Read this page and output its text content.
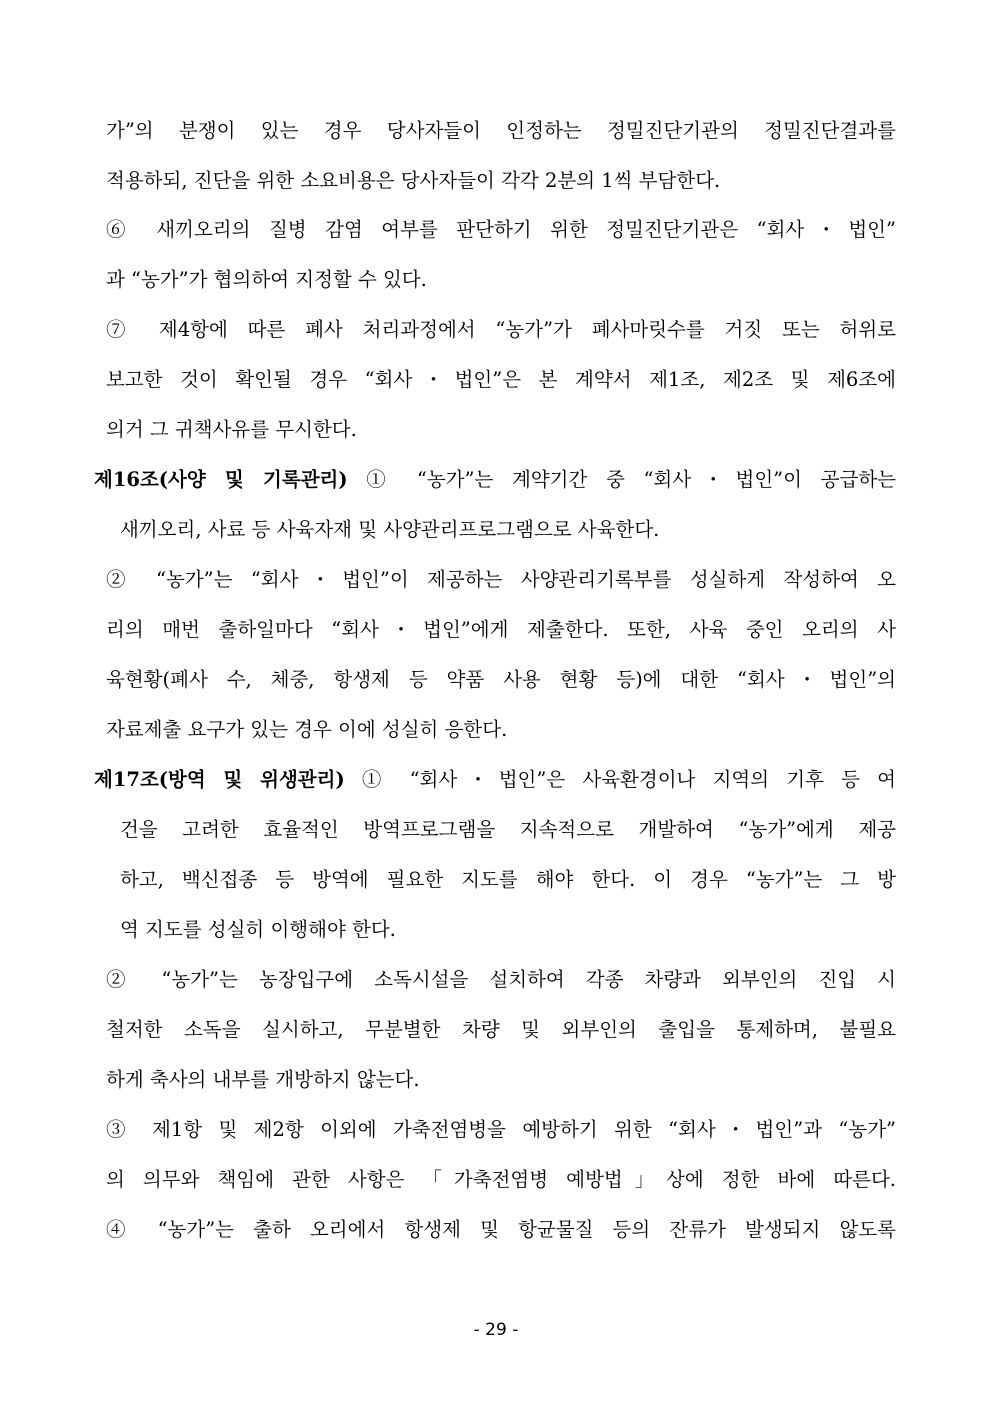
가”의 분쟁이 있는 경우 당사자들이 인정하는 정밀진단기관의 정밀진단결과를
적용하되, 진단을 위한 소요비용은 당사자들이 각각 2분의 1씩 부담한다.
⑥ 새끼오리의 질병 감염 여부를 판단하기 위한 정밀진단기관은 “회사・법인”
과 “농가”가 협의하여 지정할 수 있다.
⑦ 제4항에 따른 폐사 처리과정에서 “농가”가 폐사마릿수를 거짓 또는 허위로
보고한 것이 확인될 경우 “회사・법인”은 본 계약서 제1조, 제2조 및 제6조에
의거 그 귀책사유를 무시한다.
제16조(사양 및 기록관리) ① “농가”는 계약기간 중 “회사・법인”이 공급하는
새끼오리, 사료 등 사육자재 및 사양관리프로그램으로 사육한다.
② “농가”는 “회사・법인”이 제공하는 사양관리기록부를 성실하게 작성하여 오
리의 매번 출하일마다 “회사・법인”에게 제출한다. 또한, 사육 중인 오리의 사
육현황(폐사 수, 체중, 항생제 등 약품 사용 현황 등)에 대한 “회사・법인”의
자료제출 요구가 있는 경우 이에 성실히 응한다.
제17조(방역 및 위생관리) ① “회사・법인”은 사육환경이나 지역의 기후 등 여
건을 고려한 효율적인 방역프로그램을 지속적으로 개발하여 “농가”에게 제공
하고, 백신접종 등 방역에 필요한 지도를 해야 한다. 이 경우 “농가”는 그 방
역 지도를 성실히 이행해야 한다.
② “농가”는 농장입구에 소독시설을 설치하여 각종 차량과 외부인의 진입 시
철저한 소독을 실시하고, 무분별한 차량 및 외부인의 출입을 통제하며, 불필요
하게 축사의 내부를 개방하지 않는다.
③ 제1항 및 제2항 이외에 가축전염병을 예방하기 위한 “회사・법인”과 “농가”
의 의무와 책임에 관한 사항은 「가축전염병 예방법」상에 정한 바에 따른다.
④ “농가”는 출하 오리에서 항생제 및 항균물질 등의 잔류가 발생되지 않도록
- 29 -
